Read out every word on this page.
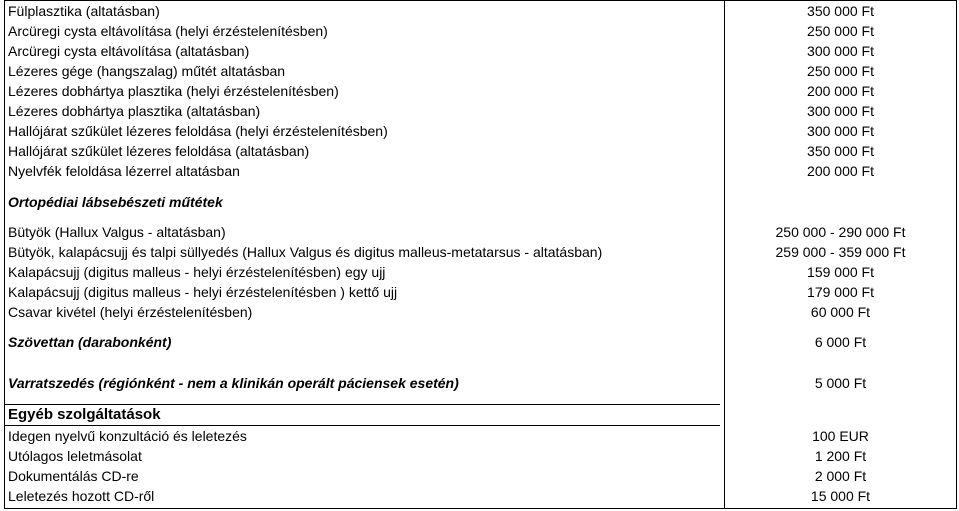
Fülplasztika (altatásban)	350 000 Ft
Arcüregi cysta eltávolítása (helyi érzéstelenítésben)	250 000 Ft
Arcüregi cysta eltávolítása (altatásban)	300 000 Ft
Lézeres gége (hangszalag) műtét altatásban	250 000 Ft
Lézeres dobhártya plasztika (helyi érzéstelenítésben)	200 000 Ft
Lézeres dobhártya plasztika (altatásban)	300 000 Ft
Hallójárat szűkület lézeres feloldása (helyi érzéstelenítésben)	300 000 Ft
Hallójárat szűkület lézeres feloldása (altatásban)	350 000 Ft
Nyelvfék feloldása lézerrel altatásban	200 000 Ft
Ortopédiai lábsebészeti műtétek
Bütyök (Hallux Valgus - altatásban)	250 000 - 290 000 Ft
Bütyök, kalapácsujj és talpi süllyedés (Hallux Valgus és digitus malleus-metatarsus - altatásban)	259 000 - 359 000 Ft
Kalapácsujj (digitus malleus - helyi érzéstelenítésben) egy ujj	159 000 Ft
Kalapácsujj (digitus malleus - helyi érzéstelenítésben ) kettő ujj	179 000 Ft
Csavar kivétel (helyi érzéstelenítésben)	60 000 Ft
Szövettan (darabonként)	6 000 Ft
Varratszedés (régiónként - nem a klinikán operált páciensek esetén)	5 000 Ft
Egyéb szolgáltatások
Idegen nyelvű konzultáció és leletezés	100 EUR
Utólagos leletmásolat	1 200 Ft
Dokumentálás CD-re	2 000 Ft
Leletezés hozott CD-ről	15 000 Ft
